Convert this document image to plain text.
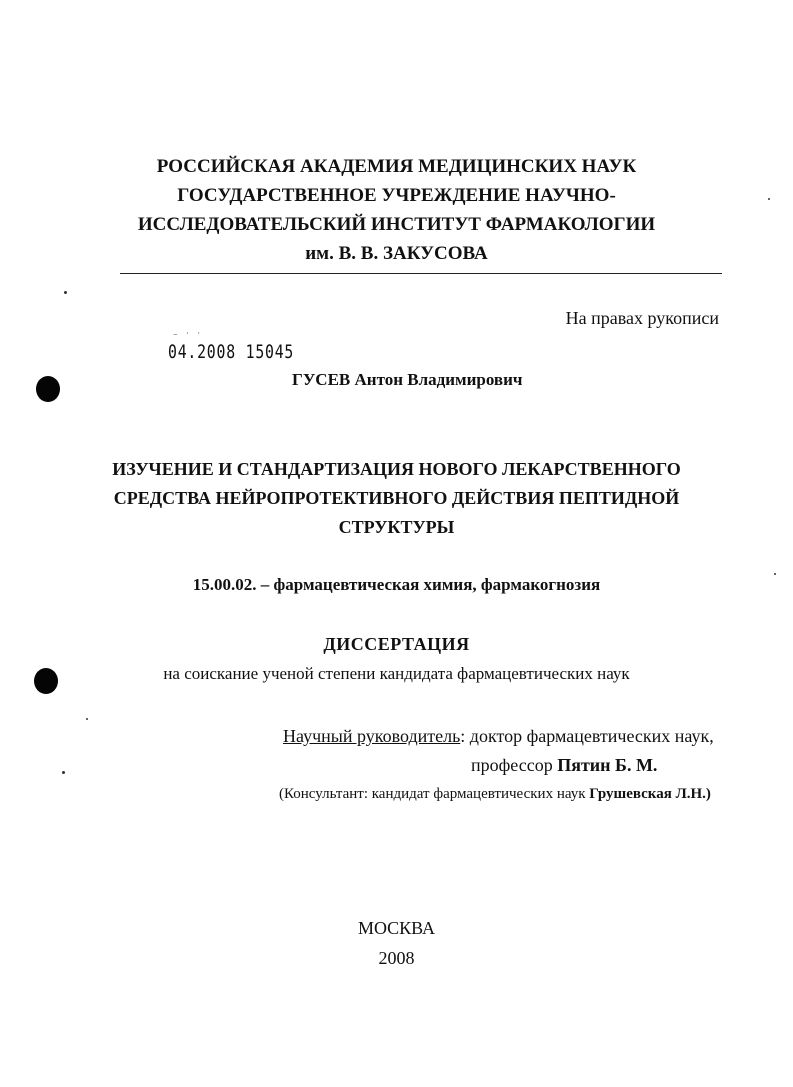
РОССИЙСКАЯ АКАДЕМИЯ МЕДИЦИНСКИХ НАУК
ГОСУДАРСТВЕННОЕ УЧРЕЖДЕНИЕ НАУЧНО-
ИССЛЕДОВАТЕЛЬСКИЙ ИНСТИТУТ ФАРМАКОЛОГИИ
им. В. В. ЗАКУСОВА
На правах рукописи
⁻ ˙ ˙
04.2008 15045
ГУСЕВ Антон Владимирович
ИЗУЧЕНИЕ И СТАНДАРТИЗАЦИЯ НОВОГО ЛЕКАРСТВЕННОГО
СРЕДСТВА НЕЙРОПРОТЕКТИВНОГО ДЕЙСТВИЯ ПЕПТИДНОЙ
СТРУКТУРЫ
15.00.02. – фармацевтическая химия, фармакогнозия
ДИССЕРТАЦИЯ
на соискание ученой степени кандидата фармацевтических наук
Научный руководитель: доктор фармацевтических наук,
профессор Пятин Б. М.
(Консультант: кандидат фармацевтических наук Грушевская Л.Н.)
МОСКВА
2008
